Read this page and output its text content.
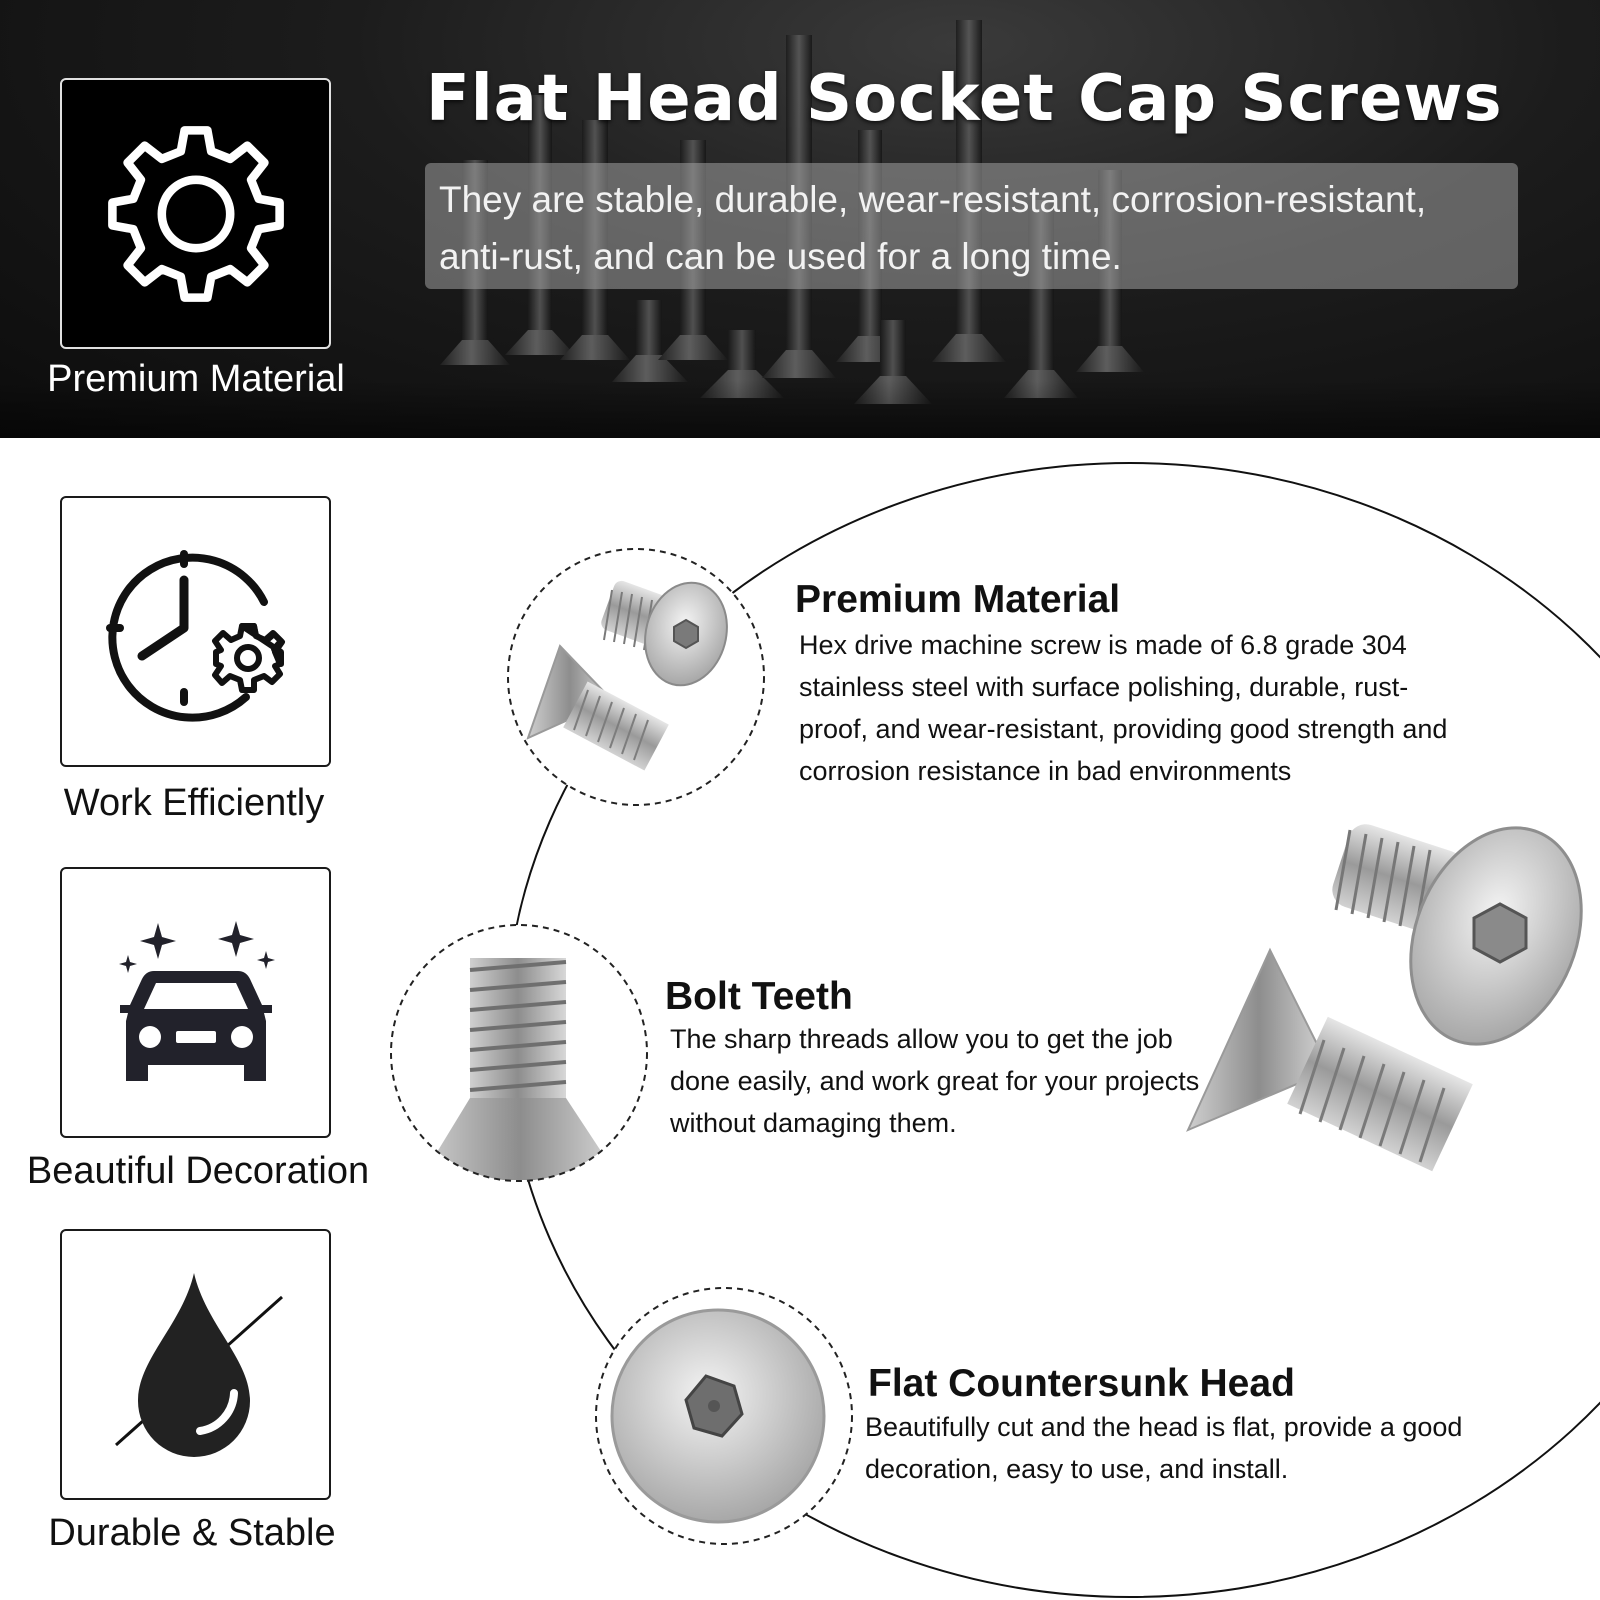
Flat Head Socket Cap Screws

They are stable, durable, wear-resistant, corrosion-resistant, anti-rust, and can be used for a long time.

Premium Material
Work Efficiently
Beautiful Decoration
Durable & Stable
Premium Material

Hex drive machine screw is made of 6.8 grade 304 stainless steel with surface polishing, durable, rust-proof, and wear-resistant, providing good strength and corrosion resistance in bad environments

Bolt Teeth

The sharp threads allow you to get the job done easily, and work great for your projects without damaging them.

Flat Countersunk Head

Beautifully cut and the head is flat, provide a good decoration, easy to use, and install.
